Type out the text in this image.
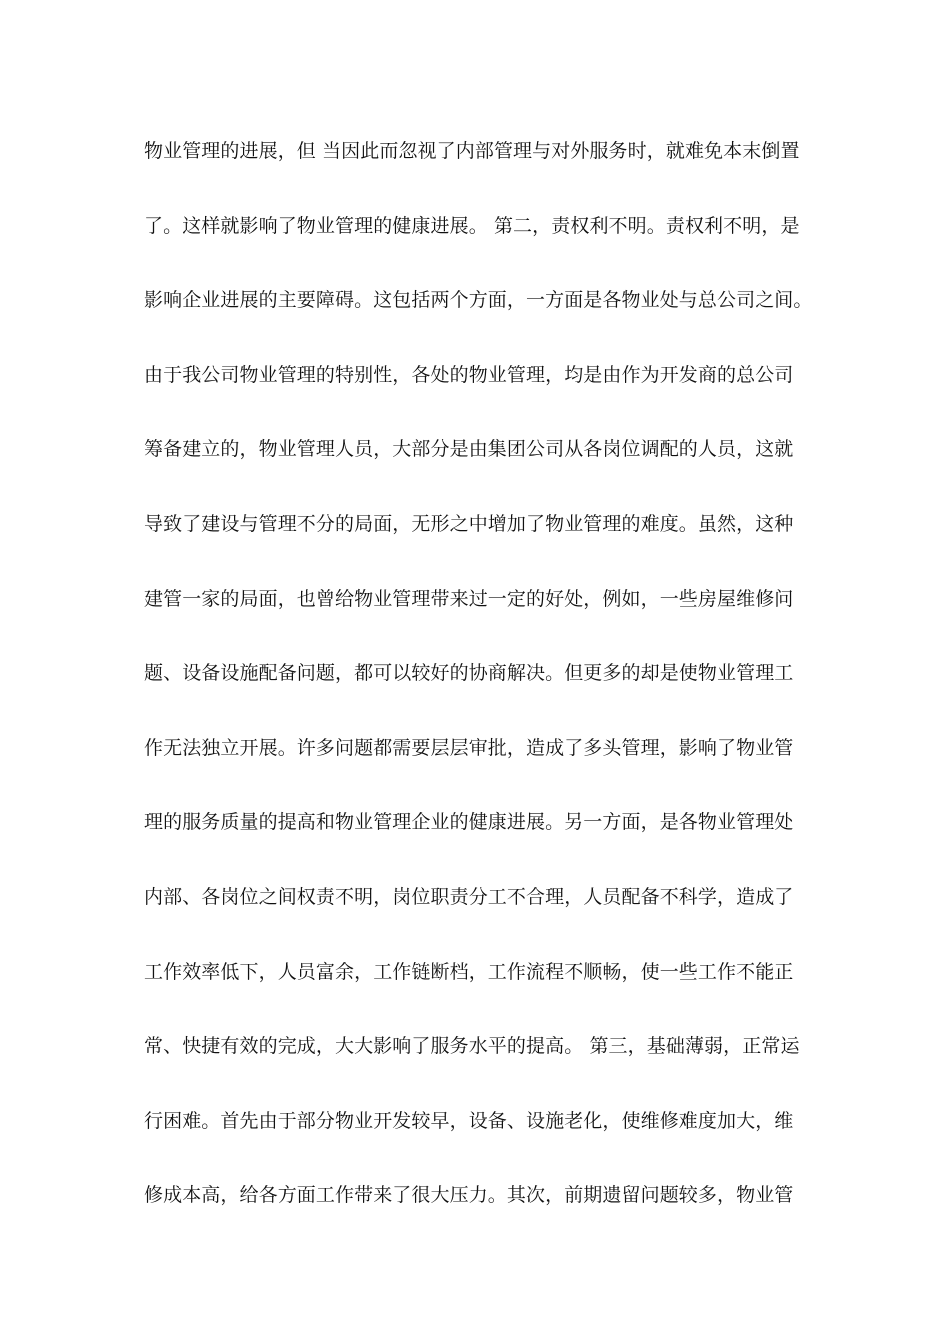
物业管理的进展，但 当因此而忽视了内部管理与对外服务时，就难免本末倒置
了。这样就影响了物业管理的健康进展。 第二，责权利不明。责权利不明，是
影响企业进展的主要障碍。这包括两个方面，一方面是各物业处与总公司之间。
由于我公司物业管理的特别性，各处的物业管理，均是由作为开发商的总公司
筹备建立的，物业管理人员，大部分是由集团公司从各岗位调配的人员，这就
导致了建设与管理不分的局面，无形之中增加了物业管理的难度。虽然，这种
建管一家的局面，也曾给物业管理带来过一定的好处，例如，一些房屋维修问
题、设备设施配备问题，都可以较好的协商解决。但更多的却是使物业管理工
作无法独立开展。许多问题都需要层层审批，造成了多头管理，影响了物业管
理的服务质量的提高和物业管理企业的健康进展。另一方面，是各物业管理处
内部、各岗位之间权责不明，岗位职责分工不合理，人员配备不科学，造成了
工作效率低下，人员富余，工作链断档，工作流程不顺畅，使一些工作不能正
常、快捷有效的完成，大大影响了服务水平的提高。 第三，基础薄弱，正常运
行困难。首先由于部分物业开发较早，设备、设施老化，使维修难度加大，维
修成本高，给各方面工作带来了很大压力。其次，前期遗留问题较多，物业管
